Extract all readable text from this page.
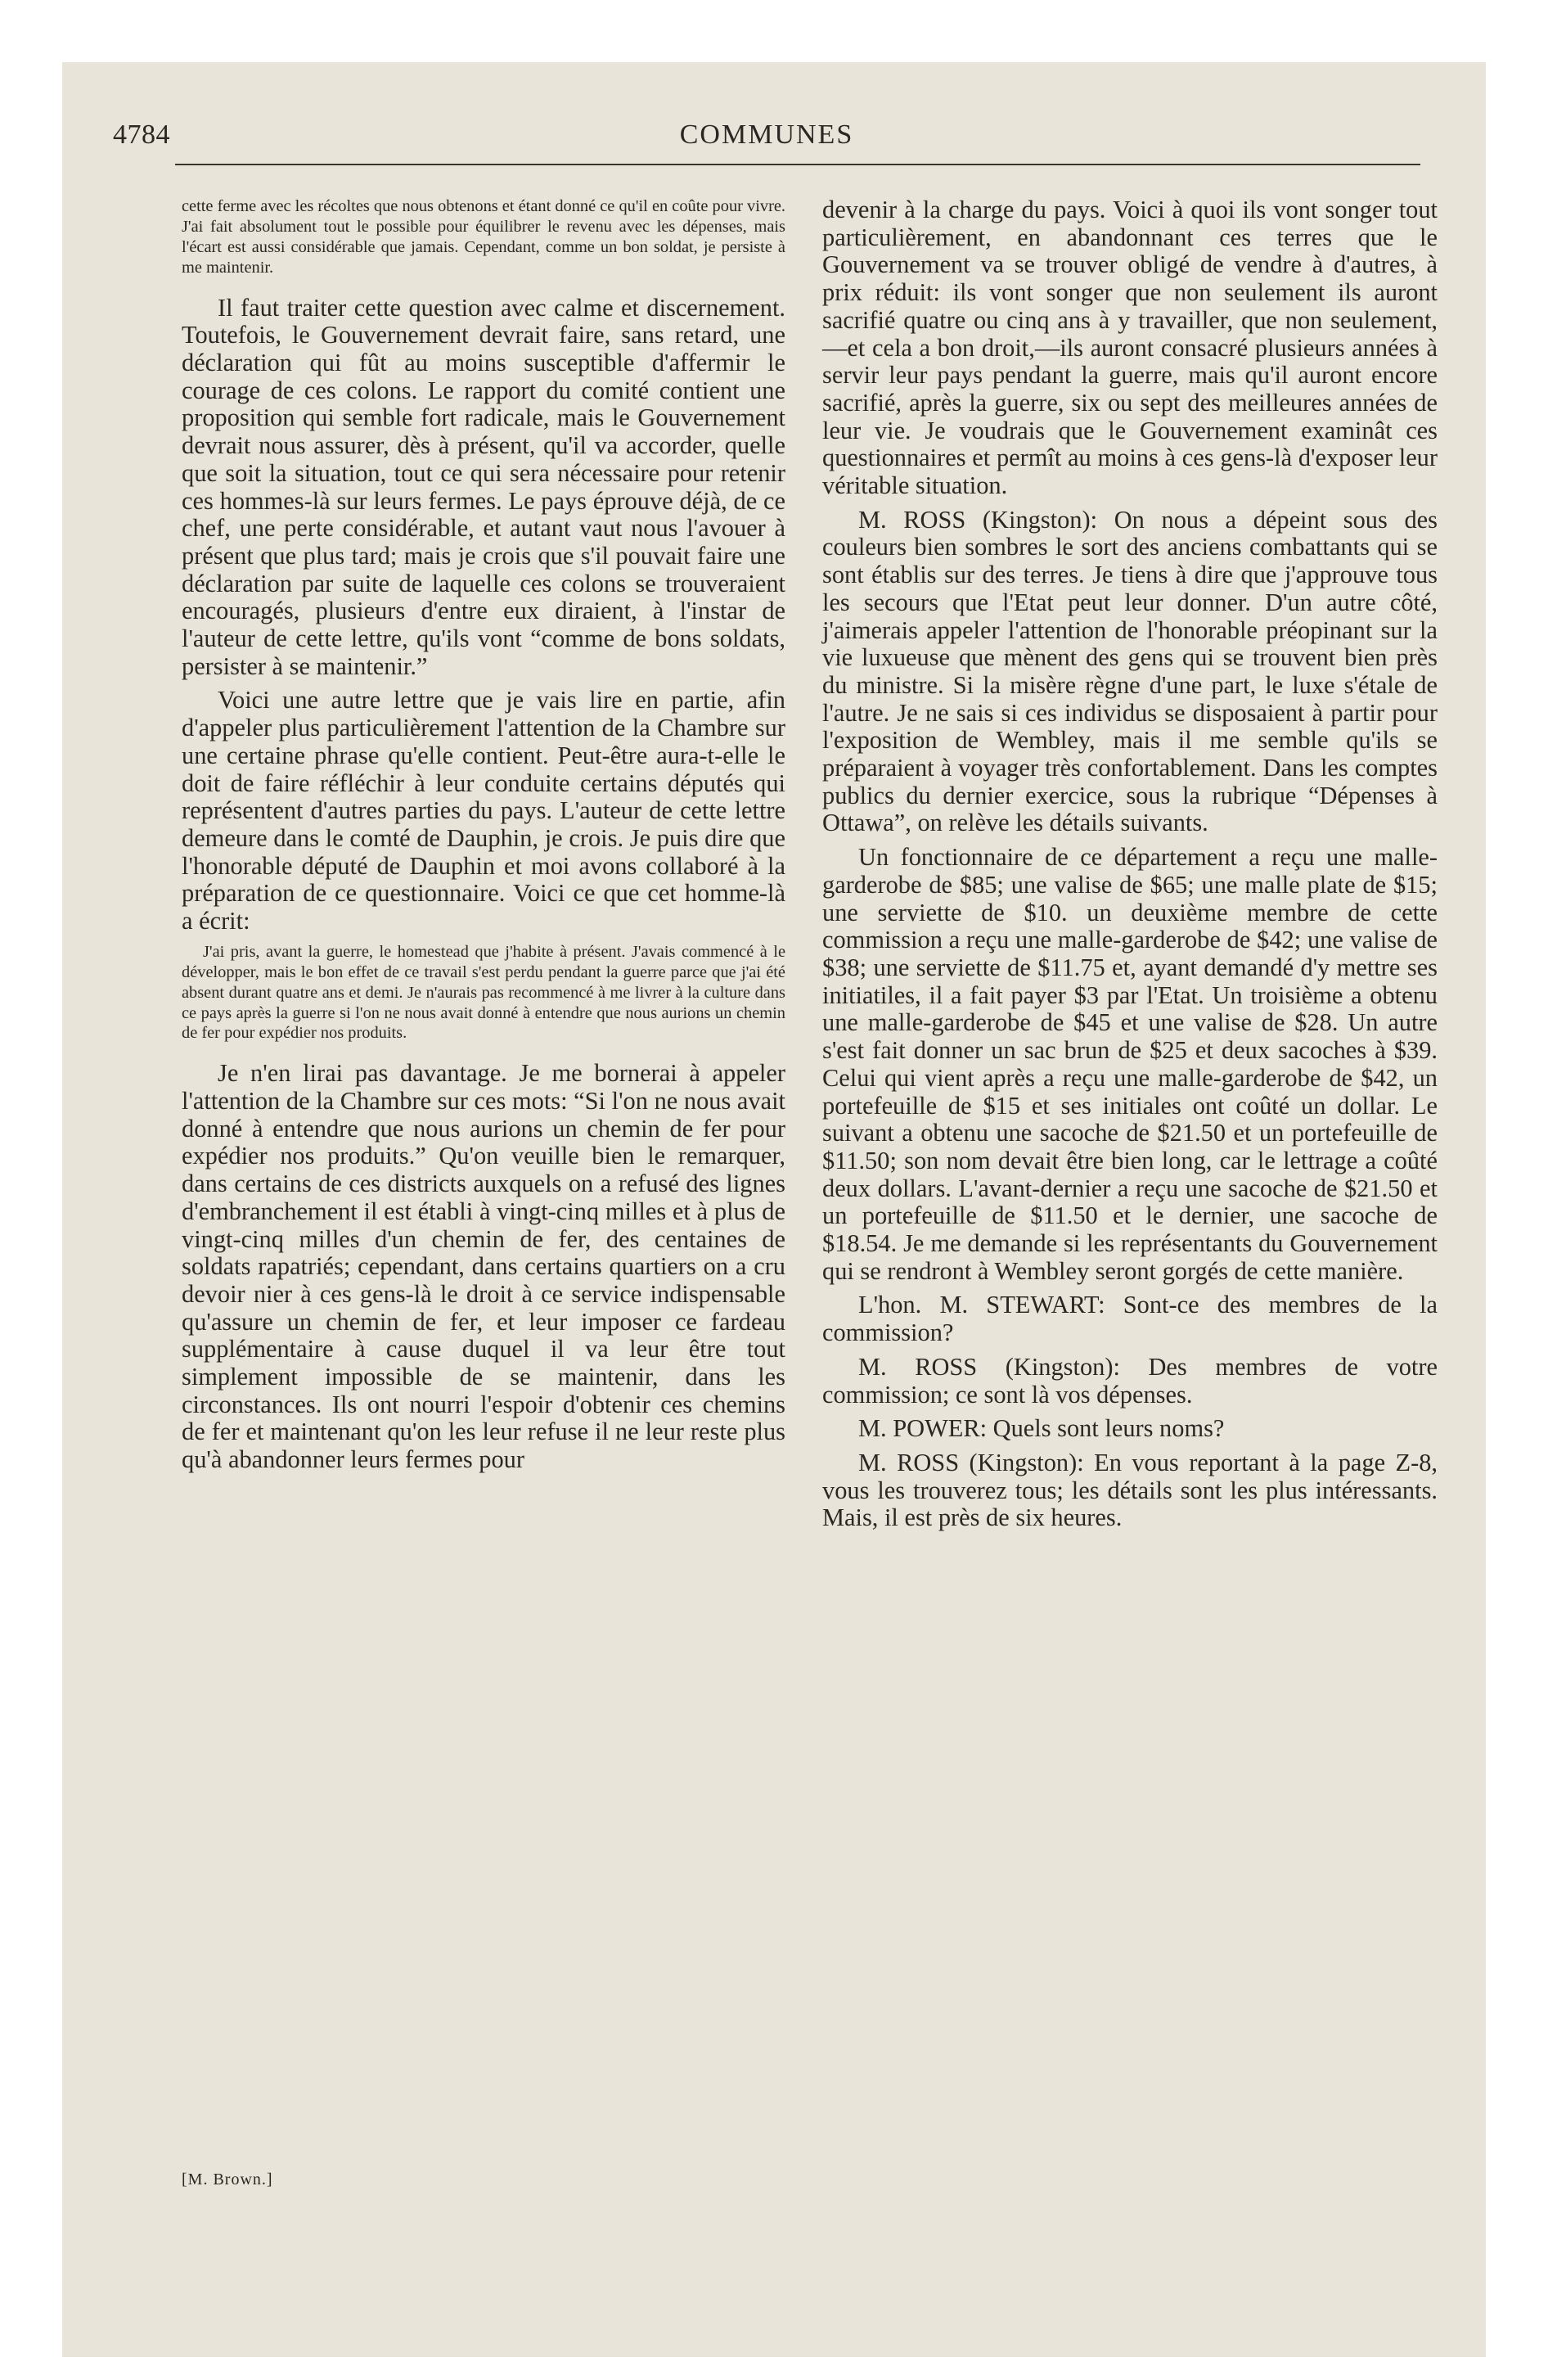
4784	COMMUNES

cette ferme avec les récoltes que nous obtenons et étant donné ce qu'il en coûte pour vivre. J'ai fait absolument tout le possible pour équilibrer le revenu avec les dépenses, mais l'écart est aussi considérable que jamais. Cependant, comme un bon soldat, je persiste à me maintenir.

Il faut traiter cette question avec calme et discernement. Toutefois, le Gouvernement devrait faire, sans retard, une déclaration qui fût au moins susceptible d'affermir le courage de ces colons. Le rapport du comité contient une proposition qui semble fort radicale, mais le Gouvernement devrait nous assurer, dès à présent, qu'il va accorder, quelle que soit la situation, tout ce qui sera nécessaire pour retenir ces hommes-là sur leurs fermes. Le pays éprouve déjà, de ce chef, une perte considérable, et autant vaut nous l'avouer à présent que plus tard; mais je crois que s'il pouvait faire une déclaration par suite de laquelle ces colons se trouveraient encouragés, plusieurs d'entre eux diraient, à l'instar de l'auteur de cette lettre, qu'ils vont “comme de bons soldats, persister à se maintenir.”

Voici une autre lettre que je vais lire en partie, afin d'appeler plus particulièrement l'attention de la Chambre sur une certaine phrase qu'elle contient. Peut-être aura-t-elle le doit de faire réfléchir à leur conduite certains députés qui représentent d'autres parties du pays. L'auteur de cette lettre demeure dans le comté de Dauphin, je crois. Je puis dire que l'honorable député de Dauphin et moi avons collaboré à la préparation de ce questionnaire. Voici ce que cet homme-là a écrit:

J'ai pris, avant la guerre, le homestead que j'habite à présent. J'avais commencé à le développer, mais le bon effet de ce travail s'est perdu pendant la guerre parce que j'ai été absent durant quatre ans et demi. Je n'aurais pas recommencé à me livrer à la culture dans ce pays après la guerre si l'on ne nous avait donné à entendre que nous aurions un chemin de fer pour expédier nos produits.

Je n'en lirai pas davantage. Je me bornerai à appeler l'attention de la Chambre sur ces mots: “Si l'on ne nous avait donné à entendre que nous aurions un chemin de fer pour expédier nos produits.” Qu'on veuille bien le remarquer, dans certains de ces districts auxquels on a refusé des lignes d'embranchement il est établi à vingt-cinq milles et à plus de vingt-cinq milles d'un chemin de fer, des centaines de soldats rapatriés; cependant, dans certains quartiers on a cru devoir nier à ces gens-là le droit à ce service indispensable qu'assure un chemin de fer, et leur imposer ce fardeau supplémentaire à cause duquel il va leur être tout simplement impossible de se maintenir, dans les circonstances. Ils ont nourri l'espoir d'obtenir ces chemins de fer et maintenant qu'on les leur refuse il ne leur reste plus qu'à abandonner leurs fermes pour

[M. Brown.]

devenir à la charge du pays. Voici à quoi ils vont songer tout particulièrement, en abandonnant ces terres que le Gouvernement va se trouver obligé de vendre à d'autres, à prix réduit: ils vont songer que non seulement ils auront sacrifié quatre ou cinq ans à y travailler, que non seulement,—et cela a bon droit,—ils auront consacré plusieurs années à servir leur pays pendant la guerre, mais qu'il auront encore sacrifié, après la guerre, six ou sept des meilleures années de leur vie. Je voudrais que le Gouvernement examinât ces questionnaires et permît au moins à ces gens-là d'exposer leur véritable situation.

M. ROSS (Kingston): On nous a dépeint sous des couleurs bien sombres le sort des anciens combattants qui se sont établis sur des terres. Je tiens à dire que j'approuve tous les secours que l'Etat peut leur donner. D'un autre côté, j'aimerais appeler l'attention de l'honorable préopinant sur la vie luxueuse que mènent des gens qui se trouvent bien près du ministre. Si la misère règne d'une part, le luxe s'étale de l'autre. Je ne sais si ces individus se disposaient à partir pour l'exposition de Wembley, mais il me semble qu'ils se préparaient à voyager très confortablement. Dans les comptes publics du dernier exercice, sous la rubrique “Dépenses à Ottawa”, on relève les détails suivants.

Un fonctionnaire de ce département a reçu une malle-garderobe de $85; une valise de $65; une malle plate de $15; une serviette de $10. un deuxième membre de cette commission a reçu une malle-garderobe de $42; une valise de $38; une serviette de $11.75 et, ayant demandé d'y mettre ses initiatiles, il a fait payer $3 par l'Etat. Un troisième a obtenu une malle-garderobe de $45 et une valise de $28. Un autre s'est fait donner un sac brun de $25 et deux sacoches à $39. Celui qui vient après a reçu une malle-garderobe de $42, un portefeuille de $15 et ses initiales ont coûté un dollar. Le suivant a obtenu une sacoche de $21.50 et un portefeuille de $11.50; son nom devait être bien long, car le lettrage a coûté deux dollars. L'avant-dernier a reçu une sacoche de $21.50 et un portefeuille de $11.50 et le dernier, une sacoche de $18.54. Je me demande si les représentants du Gouvernement qui se rendront à Wembley seront gorgés de cette manière.

L'hon. M. STEWART: Sont-ce des membres de la commission?

M. ROSS (Kingston): Des membres de votre commission; ce sont là vos dépenses.

M. POWER: Quels sont leurs noms?

M. ROSS (Kingston): En vous reportant à la page Z-8, vous les trouverez tous; les détails sont les plus intéressants. Mais, il est près de six heures.
